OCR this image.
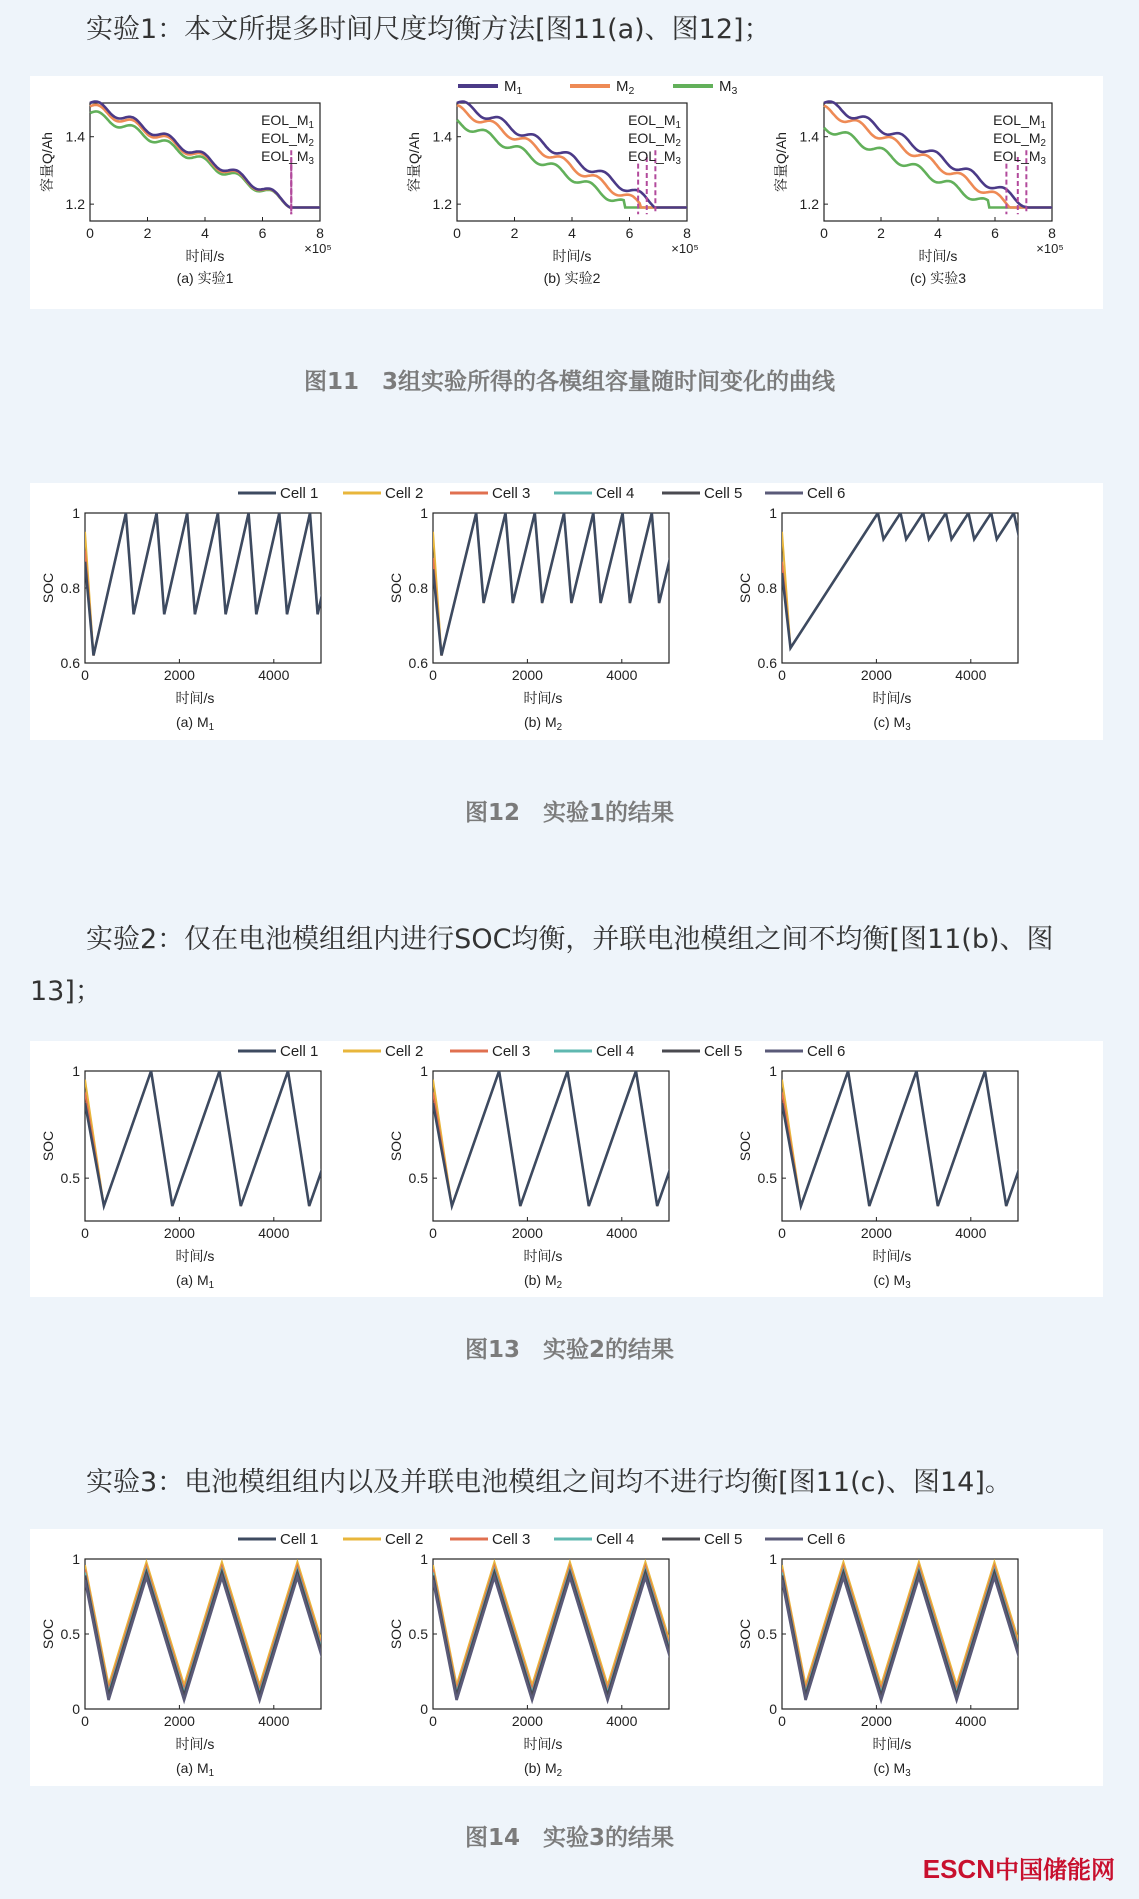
实验1：本文所提多时间尺度均衡方法[图11(a)、图12]；

$M_1$	$M_2$	$M_3$
0	2	4	6	8
1.2
1.4
$EOL\_M_1$
$EOL\_M_2$
$EOL\_M_3$
容量Q/Ah
时间/s	×10⁵
(a) 实验1
0	2	4	6	8
1.2
1.4
$EOL\_M_1$
$EOL\_M_2$
$EOL\_M_3$
容量Q/Ah
时间/s	×10⁵
(b) 实验2
0	2	4	6	8
1.2
1.4
$EOL\_M_1$
$EOL\_M_2$
$EOL\_M_3$
容量Q/Ah
时间/s	×10⁵
(c) 实验3

图11　3组实验所得的各模组容量随时间变化的曲线

Cell 1	Cell 2	Cell 3	Cell 4	Cell 5	Cell 6
0	2000	4000
0.6
0.8
1
SOC
时间/s
(a) $M_1$
0	2000	4000
0.6
0.8
1
SOC
时间/s
(b) $M_2$
0	2000	4000
0.6
0.8
1
SOC
时间/s
(c) $M_3$

图12　实验1的结果

实验2：仅在电池模组组内进行SOC均衡，并联电池模组之间不均衡[图11(b)、图13]；

Cell 1	Cell 2	Cell 3	Cell 4	Cell 5	Cell 6
0	2000	4000
0.5
1
SOC
时间/s
(a) $M_1$
0	2000	4000
0.5
1
SOC
时间/s
(b) $M_2$
0	2000	4000
0.5
1
SOC
时间/s
(c) $M_3$

图13　实验2的结果

实验3：电池模组组内以及并联电池模组之间均不进行均衡[图11(c)、图14]。

Cell 1	Cell 2	Cell 3	Cell 4	Cell 5	Cell 6
0	2000	4000
0
0.5
1
SOC
时间/s
(a) $M_1$
0	2000	4000
0
0.5
1
SOC
时间/s
(b) $M_2$
0	2000	4000
0
0.5
1
SOC
时间/s
(c) $M_3$

图14　实验3的结果

ESCN中国储能网
